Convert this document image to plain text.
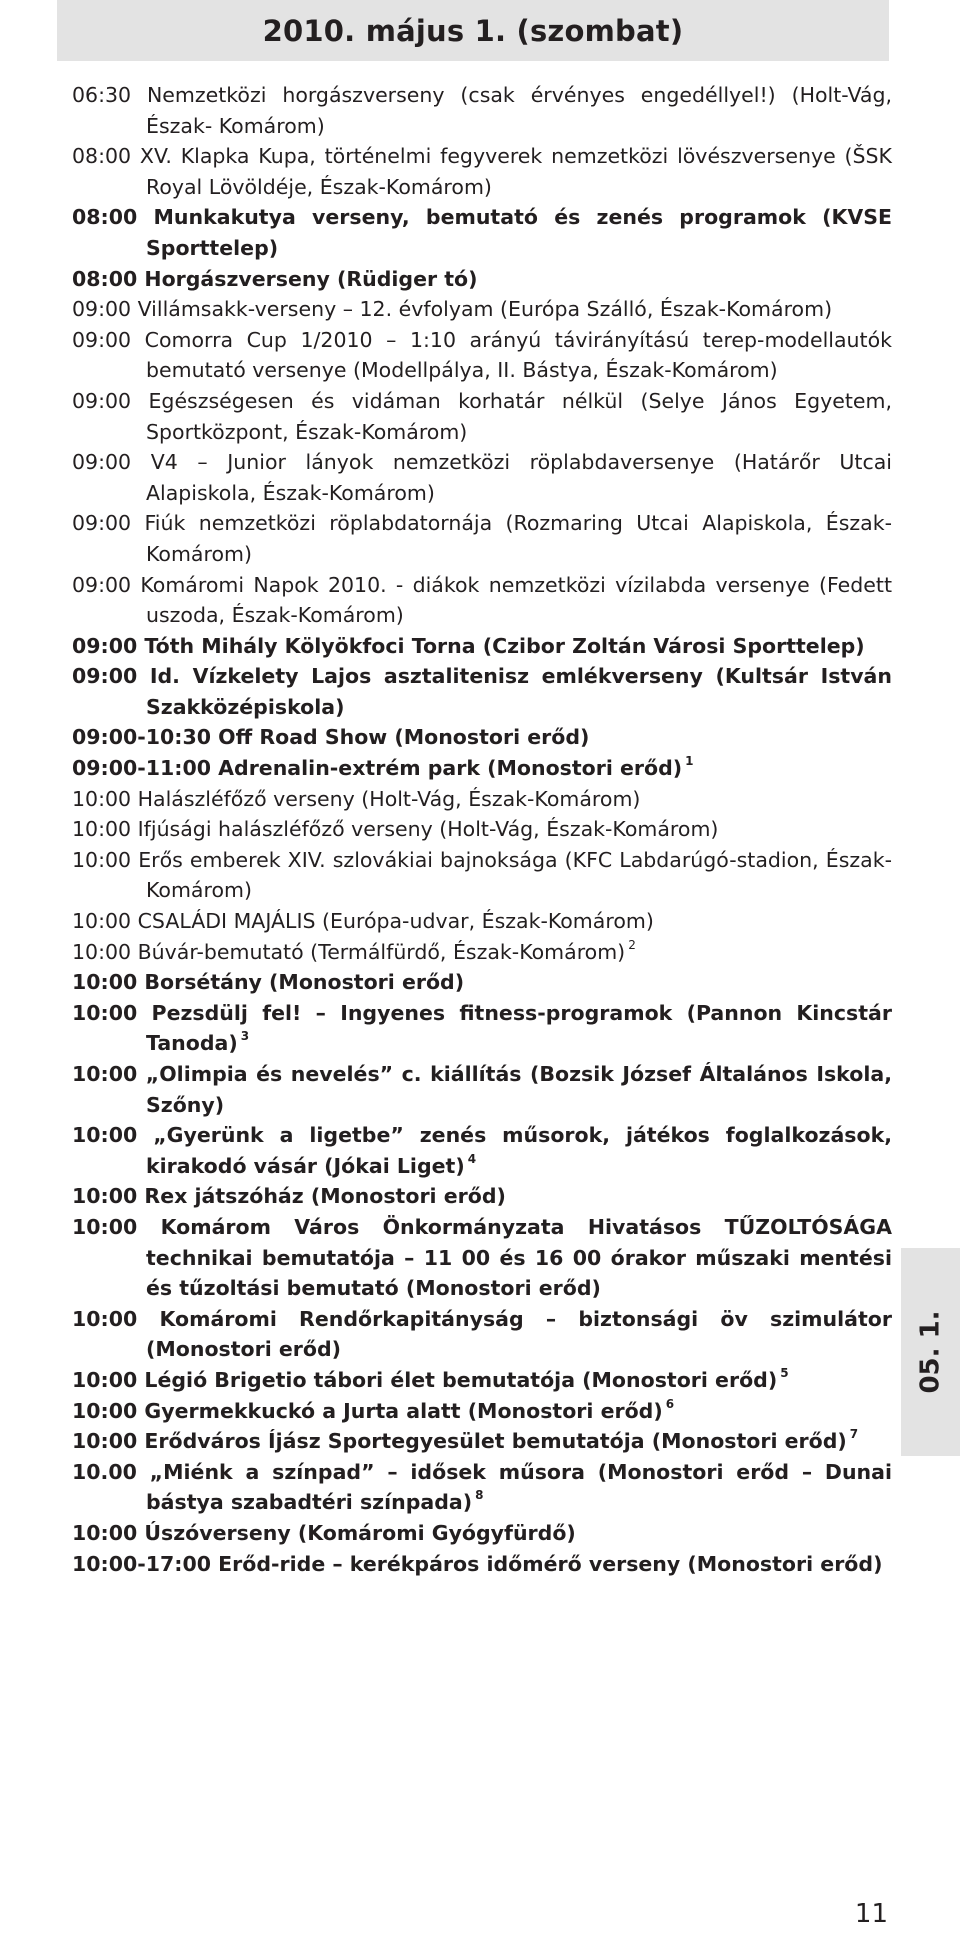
2010. május 1. (szombat)
06:30 Nemzetközi horgászverseny (csak érvényes engedéllyel!) (Holt-Vág, Észak- Komárom)
08:00 XV. Klapka Kupa, történelmi fegyverek nemzetközi lövészversenye (ŠSK Royal Lövöldéje, Észak-Komárom)
08:00 Munkakutya verseny, bemutató és zenés programok (KVSE Sporttelep)
08:00 Horgászverseny (Rüdiger tó)
09:00 Villámsakk-verseny – 12. évfolyam (Európa Szálló, Észak-Komárom)
09:00 Comorra Cup 1/2010 – 1:10 arányú távirányítású terep-modellautók bemutató versenye (Modellpálya, II. Bástya, Észak-Komárom)
09:00 Egészségesen és vidáman korhatár nélkül (Selye János Egyetem, Sportközpont, Észak-Komárom)
09:00 V4 – Junior lányok nemzetközi röplabdaversenye (Határőr Utcai Alapiskola, Észak-Komárom)
09:00 Fiúk nemzetközi röplabdatornája (Rozmaring Utcai Alapiskola, Észak-Komárom)
09:00 Komáromi Napok 2010. - diákok nemzetközi vízilabda versenye (Fedett uszoda, Észak-Komárom)
09:00 Tóth Mihály Kölyökfoci Torna (Czibor Zoltán Városi Sporttelep)
09:00 Id. Vízkelety Lajos asztalitenisz emlékverseny (Kultsár István Szakközépiskola)
09:00-10:30 Off Road Show (Monostori erőd)
09:00-11:00 Adrenalin-extrém park (Monostori erőd) $^1$
10:00 Halászléfőző verseny (Holt-Vág, Észak-Komárom)
10:00 Ifjúsági halászléfőző verseny (Holt-Vág, Észak-Komárom)
10:00 Erős emberek XIV. szlovákiai bajnoksága (KFC Labdarúgó-stadion, Észak-Komárom)
10:00 CSALÁDI MAJÁLIS (Európa-udvar, Észak-Komárom)
10:00 Búvár-bemutató (Termálfürdő, Észak-Komárom) $^2$
10:00 Borsétány (Monostori erőd)
10:00 Pezsdülj fel! – Ingyenes fitness-programok (Pannon Kincstár Tanoda) $^3$
10:00 „Olimpia és nevelés” c. kiállítás (Bozsik József Általános Iskola, Szőny)
10:00 „Gyerünk a ligetbe” zenés műsorok, játékos foglalkozások, kirakodó vásár (Jókai Liget) $^4$
10:00 Rex játszóház (Monostori erőd)
10:00 Komárom Város Önkormányzata Hivatásos TŰZOLTÓSÁGA technikai bemutatója – 11 00 és 16 00 órakor műszaki mentési és tűzoltási bemutató (Monostori erőd)
10:00 Komáromi Rendőrkapitányság – biztonsági öv szimulátor (Monostori erőd)
10:00 Légió Brigetio tábori élet bemutatója (Monostori erőd) $^5$
10:00 Gyermekkuckó a Jurta alatt (Monostori erőd) $^6$
10:00 Erődváros Íjász Sportegyesület bemutatója (Monostori erőd) $^7$
10.00 „Miénk a színpad” – idősek műsora (Monostori erőd – Dunai bástya szabadtéri színpada) $^8$
10:00 Úszóverseny (Komáromi Gyógyfürdő)
10:00-17:00 Erőd-ride – kerékpáros időmérő verseny (Monostori erőd)
05. 1.
11
